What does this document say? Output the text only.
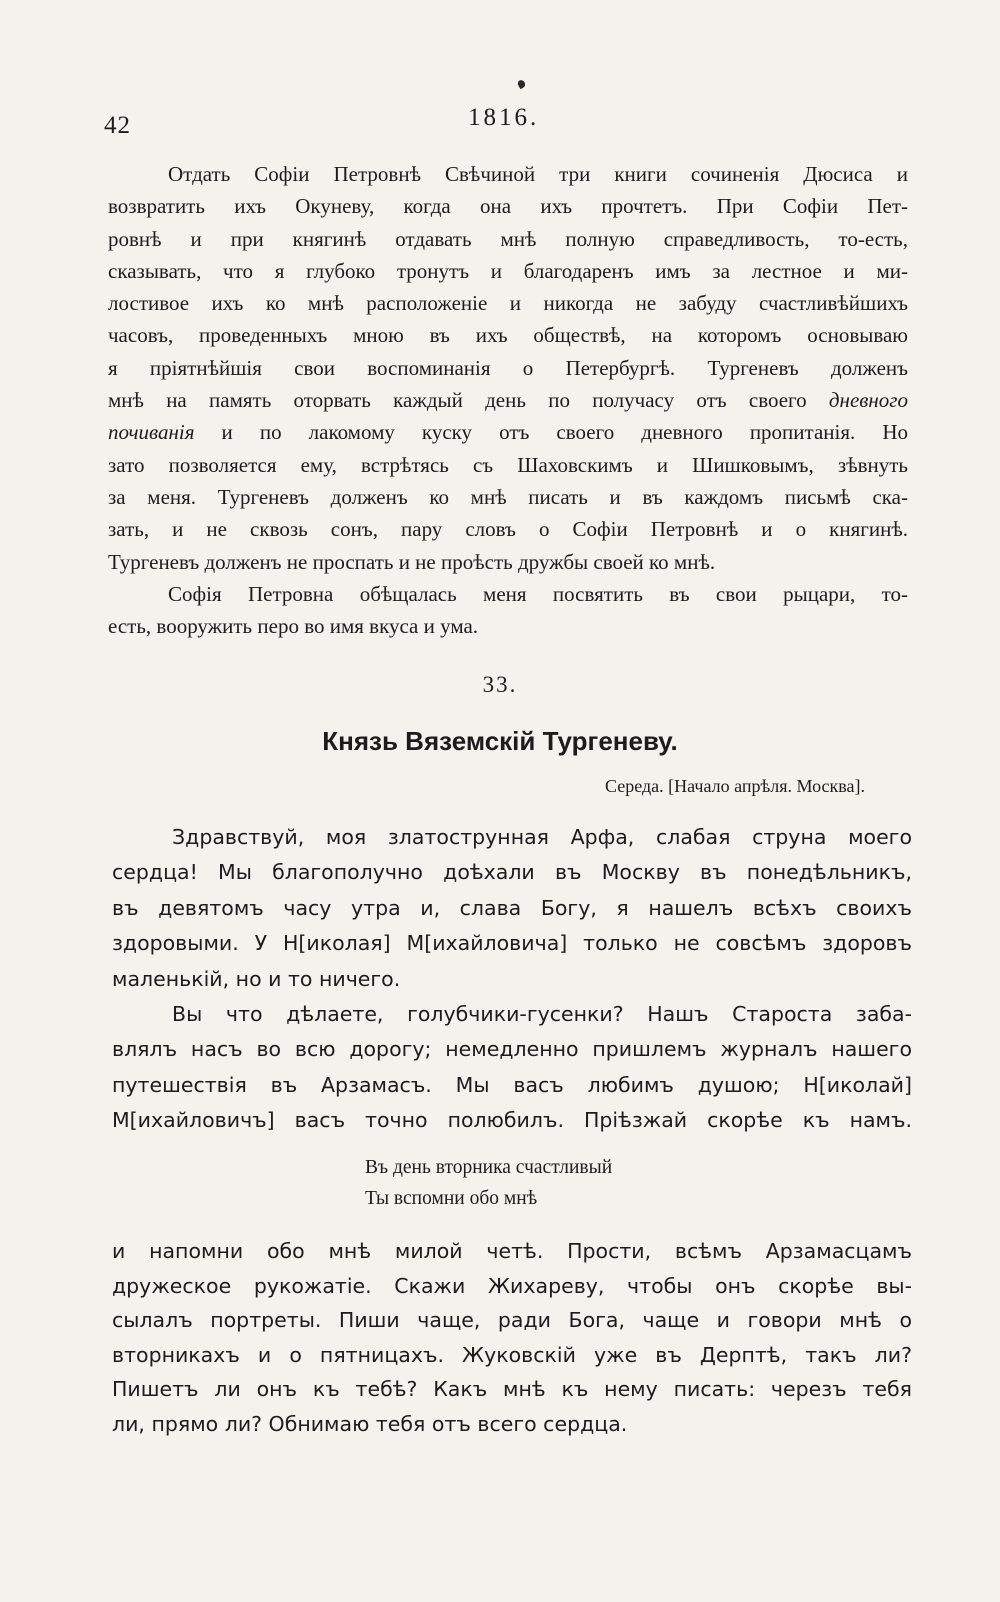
42	1816.
Отдать Софіи Петровнѣ Свѣчиной три книги сочиненія Дюсиса и
возвратить ихъ Окуневу, когда она ихъ прочтетъ. При Софіи Пет-
ровнѣ и при княгинѣ отдавать мнѣ полную справедливость, то-есть,
сказывать, что я глубоко тронутъ и благодаренъ имъ за лестное и ми-
лостивое ихъ ко мнѣ расположеніе и никогда не забуду счастливѣйшихъ
часовъ, проведенныхъ мною въ ихъ обществѣ, на которомъ основываю
я пріятнѣйшія свои воспоминанія о Петербургѣ. Тургеневъ долженъ
мнѣ на память оторвать каждый день по получасу отъ своего дневного
почиванія и по лакомому куску отъ своего дневного пропитанія. Но
зато позволяется ему, встрѣтясь съ Шаховскимъ и Шишковымъ, зѣвнуть
за меня. Тургеневъ долженъ ко мнѣ писать и въ каждомъ письмѣ ска-
зать, и не сквозь сонъ, пару словъ о Софіи Петровнѣ и о княгинѣ.
Тургеневъ долженъ не проспать и не проѣсть дружбы своей ко мнѣ.
Софія Петровна обѣщалась меня посвятить въ свои рыцари, то-
есть, вооружить перо во имя вкуса и ума.
33.
Князь Вяземскій Тургеневу.
Середа. [Начало апрѣля. Москва].
Здравствуй, моя златострунная Арфа, слабая струна моего
сердца! Мы благополучно доѣхали въ Москву въ понедѣльникъ,
въ девятомъ часу утра и, слава Богу, я нашелъ всѣхъ своихъ
здоровыми. У Н[иколая] М[ихайловича] только не совсѣмъ здоровъ
маленькій, но и то ничего.
Вы что дѣлаете, голубчики-гусенки? Нашъ Староста заба-
влялъ насъ во всю дорогу; немедленно пришлемъ журналъ нашего
путешествія въ Арзамасъ. Мы васъ любимъ душою; Н[иколай]
М[ихайловичъ] васъ точно полюбилъ. Пріѣзжай скорѣе къ намъ.
Въ день вторника счастливый
Ты вспомни обо мнѣ
и напомни обо мнѣ милой четѣ. Прости, всѣмъ Арзамасцамъ
дружеское рукожатіе. Скажи Жихареву, чтобы онъ скорѣе вы-
сылалъ портреты. Пиши чаще, ради Бога, чаще и говори мнѣ о
вторникахъ и о пятницахъ. Жуковскій уже въ Дерптѣ, такъ ли?
Пишетъ ли онъ къ тебѣ? Какъ мнѣ къ нему писать: черезъ тебя
ли, прямо ли? Обнимаю тебя отъ всего сердца.
